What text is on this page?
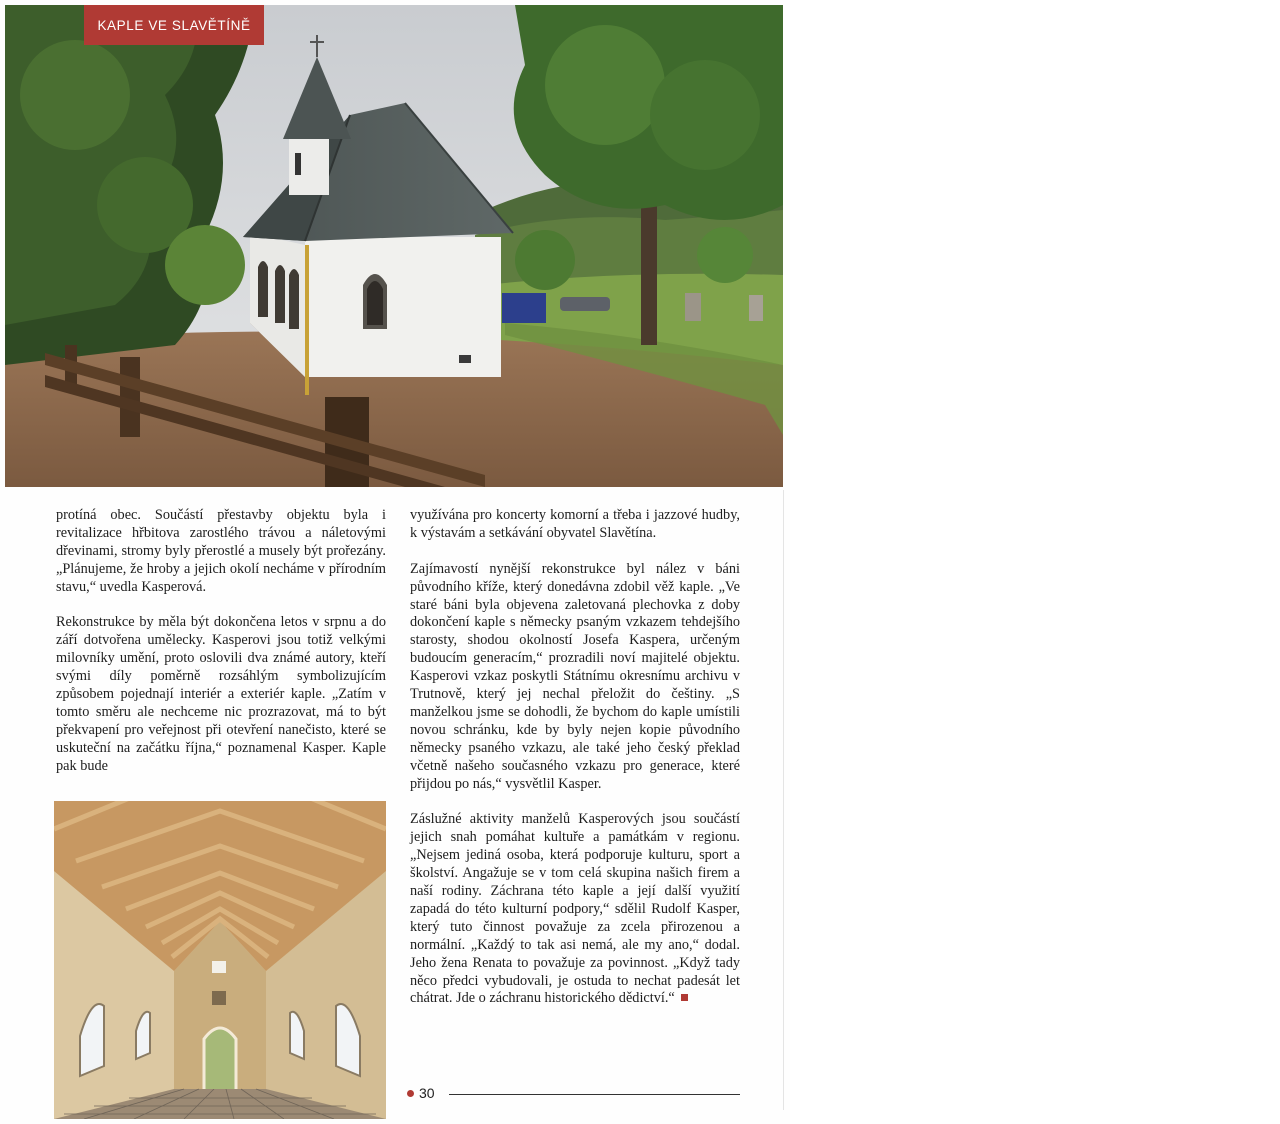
KAPLE VE SLAVĚTÍNĚ

protíná obec. Součástí přestavby objektu byla i revitalizace hřbitova zarostlého trávou a náletovými dřevinami, stromy byly přerostlé a musely být prořezány. „Plánujeme, že hroby a jejich okolí necháme v přírodním stavu,“ uvedla Kasperová.

Rekonstrukce by měla být dokončena letos v srpnu a do září dotvořena umělecky. Kasperovi jsou totiž velkými milovníky umění, proto oslovili dva známé autory, kteří svými díly poměrně rozsáhlým symbolizujícím způsobem pojednají interiér a exteriér kaple. „Zatím v tomto směru ale nechceme nic prozrazovat, má to být překvapení pro veřejnost při otevření nanečisto, které se uskuteční na začátku října,“ poznamenal Kasper. Kaple pak bude

využívána pro koncerty komorní a třeba i jazzové hudby, k výstavám a setkávání obyvatel Slavětína.

Zajímavostí nynější rekonstrukce byl nález v báni původního kříže, který donedávna zdobil věž kaple. „Ve staré báni byla objevena zaletovaná plechovka z doby dokončení kaple s německy psaným vzkazem tehdejšího starosty, shodou okolností Josefa Kaspera, určeným budoucím generacím,“ prozradili noví majitelé objektu. Kasperovi vzkaz poskytli Státnímu okresnímu archivu v Trutnově, který jej nechal přeložit do češtiny. „S manželkou jsme se dohodli, že bychom do kaple umístili novou schránku, kde by byly nejen kopie původního německy psaného vzkazu, ale také jeho český překlad včetně našeho současného vzkazu pro generace, které přijdou po nás,“ vysvětlil Kasper.

Záslužné aktivity manželů Kasperových jsou součástí jejich snah pomáhat kultuře a památkám v regionu. „Nejsem jediná osoba, která podporuje kulturu, sport a školství. Angažuje se v tom celá skupina našich firem a naší rodiny. Záchrana této kaple a její další využití zapadá do této kulturní podpory,“ sdělil Rudolf Kasper, který tuto činnost považuje za zcela přirozenou a normální. „Každý to tak asi nemá, ale my ano,“ dodal. Jeho žena Renata to považuje za povinnost. „Když tady něco předci vybudovali, je ostuda to nechat padesát let chátrat. Jde o záchranu historického dědictví.“

30
